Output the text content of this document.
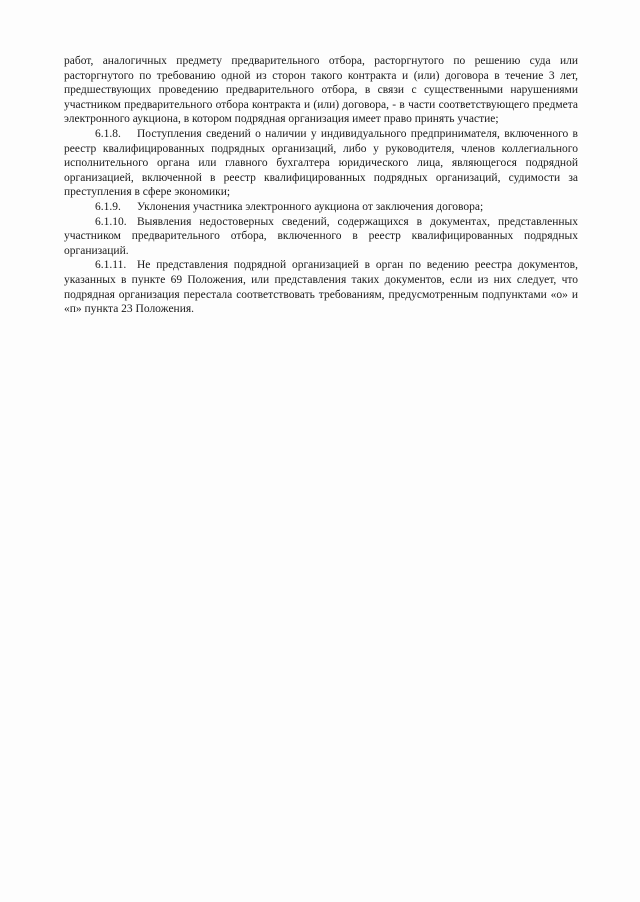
работ, аналогичных предмету предварительного отбора, расторгнутого по решению суда или расторгнутого по требованию одной из сторон такого контракта и (или) договора в течение 3 лет, предшествующих проведению предварительного отбора, в связи с существенными нарушениями участником предварительного отбора контракта и (или) договора, - в части соответствующего предмета электронного аукциона, в котором подрядная организация имеет право принять участие;

6.1.8. Поступления сведений о наличии у индивидуального предпринимателя, включенного в реестр квалифицированных подрядных организаций, либо у руководителя, членов коллегиального исполнительного органа или главного бухгалтера юридического лица, являющегося подрядной организацией, включенной в реестр квалифицированных подрядных организаций, судимости за преступления в сфере экономики;

6.1.9. Уклонения участника электронного аукциона от заключения договора;

6.1.10. Выявления недостоверных сведений, содержащихся в документах, представленных участником предварительного отбора, включенного в реестр квалифицированных подрядных организаций.

6.1.11. Не представления подрядной организацией в орган по ведению реестра документов, указанных в пункте 69 Положения, или представления таких документов, если из них следует, что подрядная организация перестала соответствовать требованиям, предусмотренным подпунктами «о» и «п» пункта 23 Положения.
